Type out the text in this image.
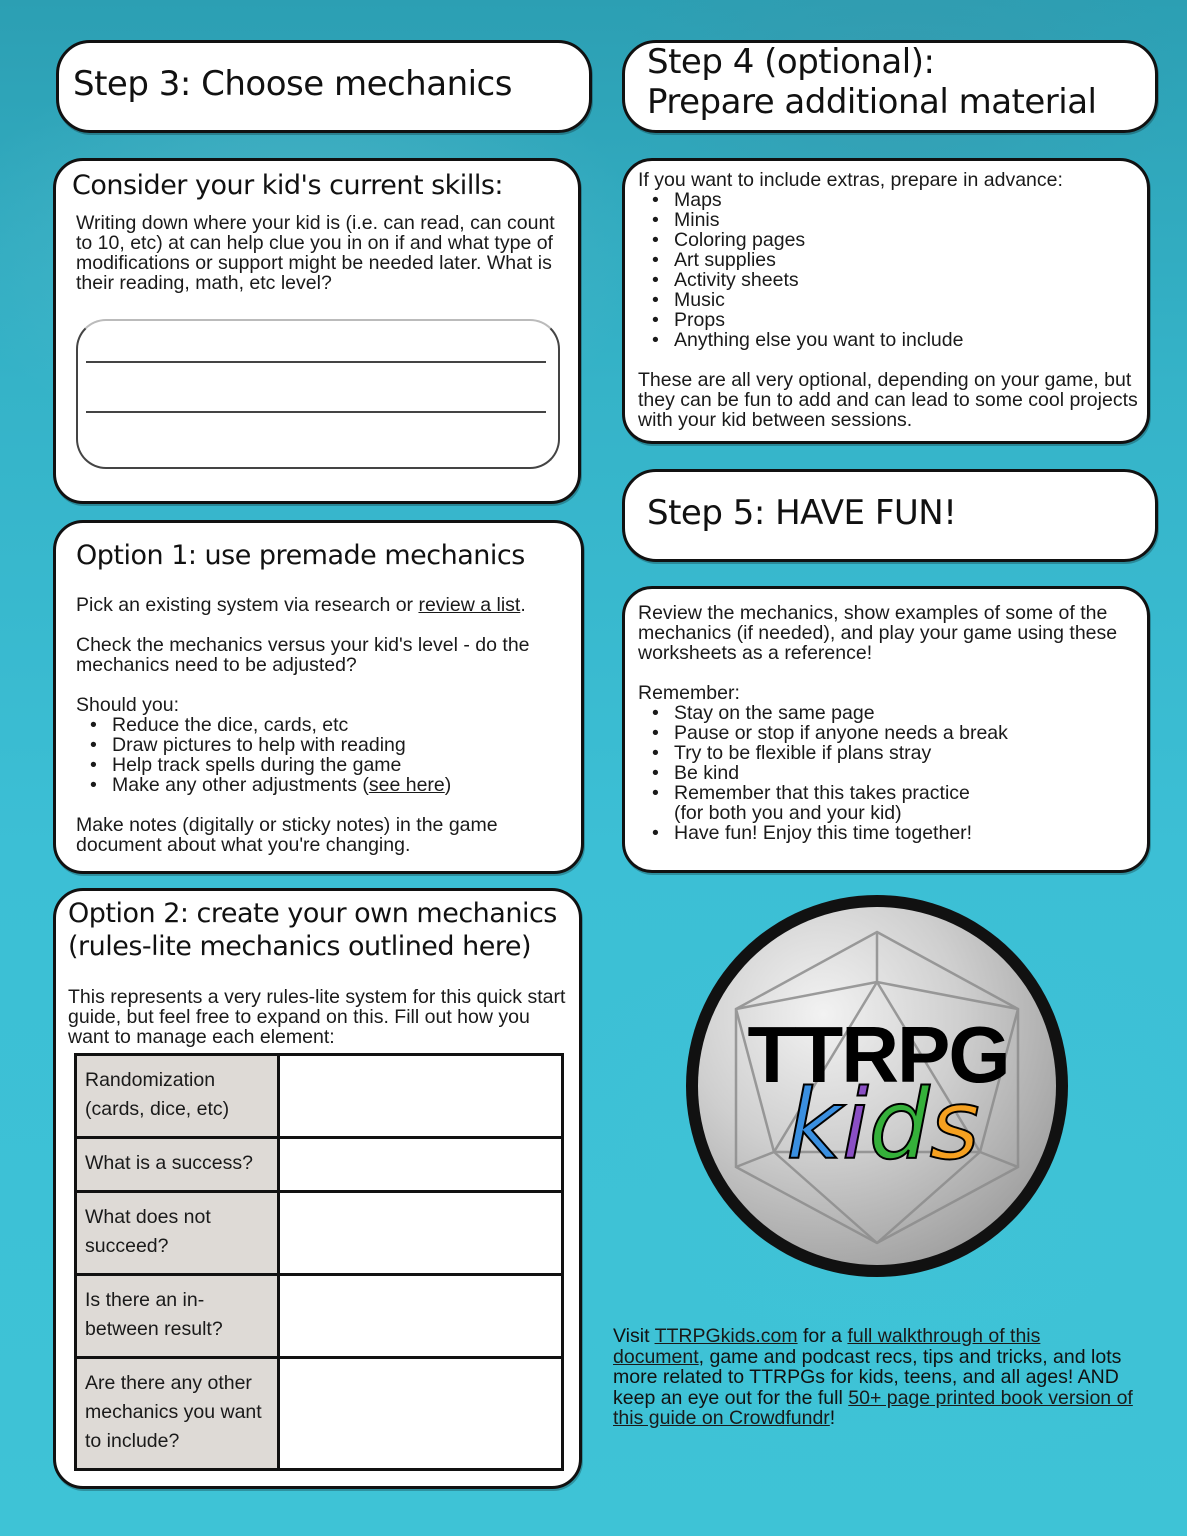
Step 3: Choose mechanics
Consider your kid's current skills:
Writing down where your kid is (i.e. can read, can count to 10, etc) at can help clue you in on if and what type of modifications or support might be needed later. What is their reading, math, etc level?
Option 1: use premade mechanics
Pick an existing system via research or review a list.
Check the mechanics versus your kid's level - do the mechanics need to be adjusted?
Should you:
• Reduce the dice, cards, etc
• Draw pictures to help with reading
• Help track spells during the game
• Make any other adjustments (see here)
Make notes (digitally or sticky notes) in the game document about what you're changing.
Option 2: create your own mechanics
(rules-lite mechanics outlined here)
This represents a very rules-lite system for this quick start guide, but feel free to expand on this. Fill out how you want to manage each element:
Randomization (cards, dice, etc)	
What is a success?	
What does not succeed?	
Is there an in-between result?	
Are there any other mechanics you want to include?	
Step 4 (optional):
Prepare additional material
If you want to include extras, prepare in advance:
• Maps
• Minis
• Coloring pages
• Art supplies
• Activity sheets
• Music
• Props
• Anything else you want to include
These are all very optional, depending on your game, but they can be fun to add and can lead to some cool projects with your kid between sessions.
Step 5: HAVE FUN!
Review the mechanics, show examples of some of the mechanics (if needed), and play your game using these worksheets as a reference!
Remember:
• Stay on the same page
• Pause or stop if anyone needs a break
• Try to be flexible if plans stray
• Be kind
• Remember that this takes practice (for both you and your kid)
• Have fun! Enjoy this time together!
TTRPG
kids
Visit TTRPGkids.com for a full walkthrough of this document, game and podcast recs, tips and tricks, and lots more related to TTRPGs for kids, teens, and all ages! AND keep an eye out for the full 50+ page printed book version of this guide on Crowdfundr!
